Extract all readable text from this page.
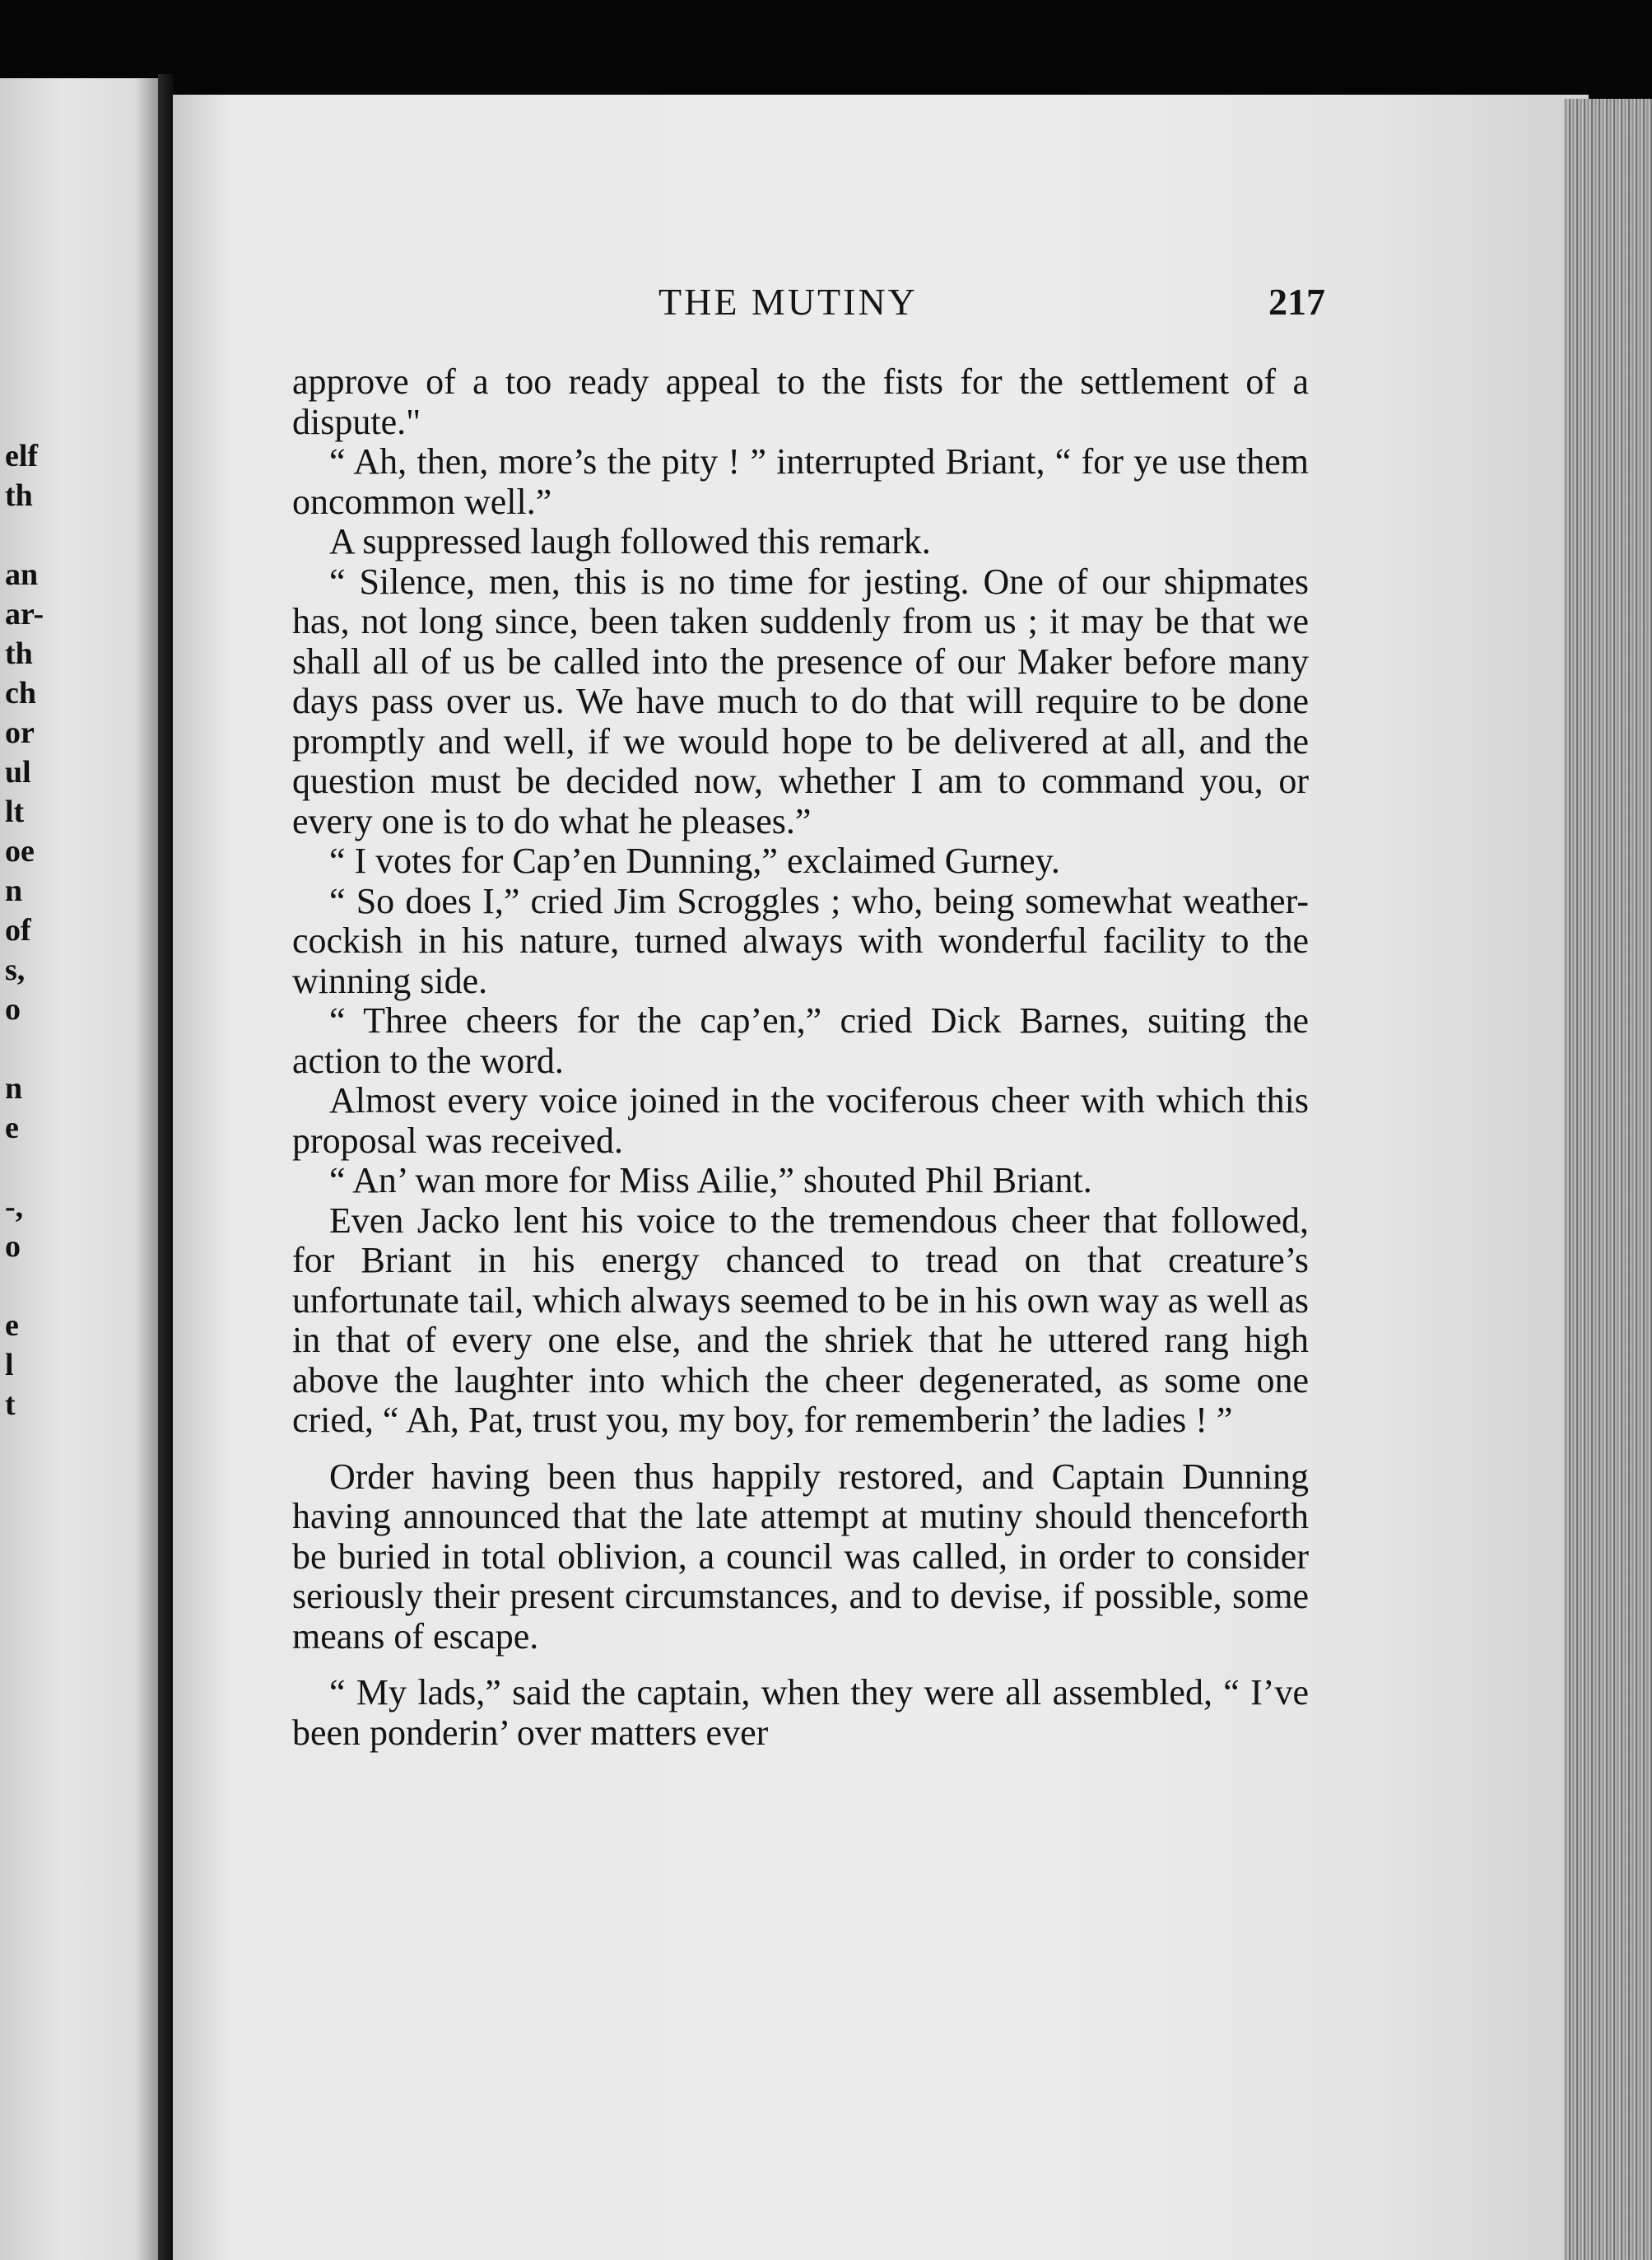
elf
th
an
ar-
th
ch
or
ul
lt
oe
n
of
s,
o
n
e
-,
o
e
l
t
THE MUTINY	217

approve of a too ready appeal to the fists for the settlement of a dispute."

“ Ah, then, more’s the pity ! ” interrupted Briant, “ for ye use them oncommon well.”

A suppressed laugh followed this remark.

“ Silence, men, this is no time for jesting. One of our shipmates has, not long since, been taken suddenly from us ; it may be that we shall all of us be called into the presence of our Maker before many days pass over us. We have much to do that will require to be done promptly and well, if we would hope to be delivered at all, and the question must be decided now, whether I am to command you, or every one is to do what he pleases.”

“ I votes for Cap’en Dunning,” exclaimed Gurney.

“ So does I,” cried Jim Scroggles ; who, being somewhat weather-cockish in his nature, turned always with wonderful facility to the winning side.

“ Three cheers for the cap’en,” cried Dick Barnes, suiting the action to the word.

Almost every voice joined in the vociferous cheer with which this proposal was received.

“ An’ wan more for Miss Ailie,” shouted Phil Briant.

Even Jacko lent his voice to the tremendous cheer that followed, for Briant in his energy chanced to tread on that creature’s unfortunate tail, which always seemed to be in his own way as well as in that of every one else, and the shriek that he uttered rang high above the laughter into which the cheer degenerated, as some one cried, “ Ah, Pat, trust you, my boy, for rememberin’ the ladies ! ”

Order having been thus happily restored, and Captain Dunning having announced that the late attempt at mutiny should thenceforth be buried in total oblivion, a council was called, in order to consider seriously their present circumstances, and to devise, if possible, some means of escape.

“ My lads,” said the captain, when they were all assembled, “ I’ve been ponderin’ over matters ever
